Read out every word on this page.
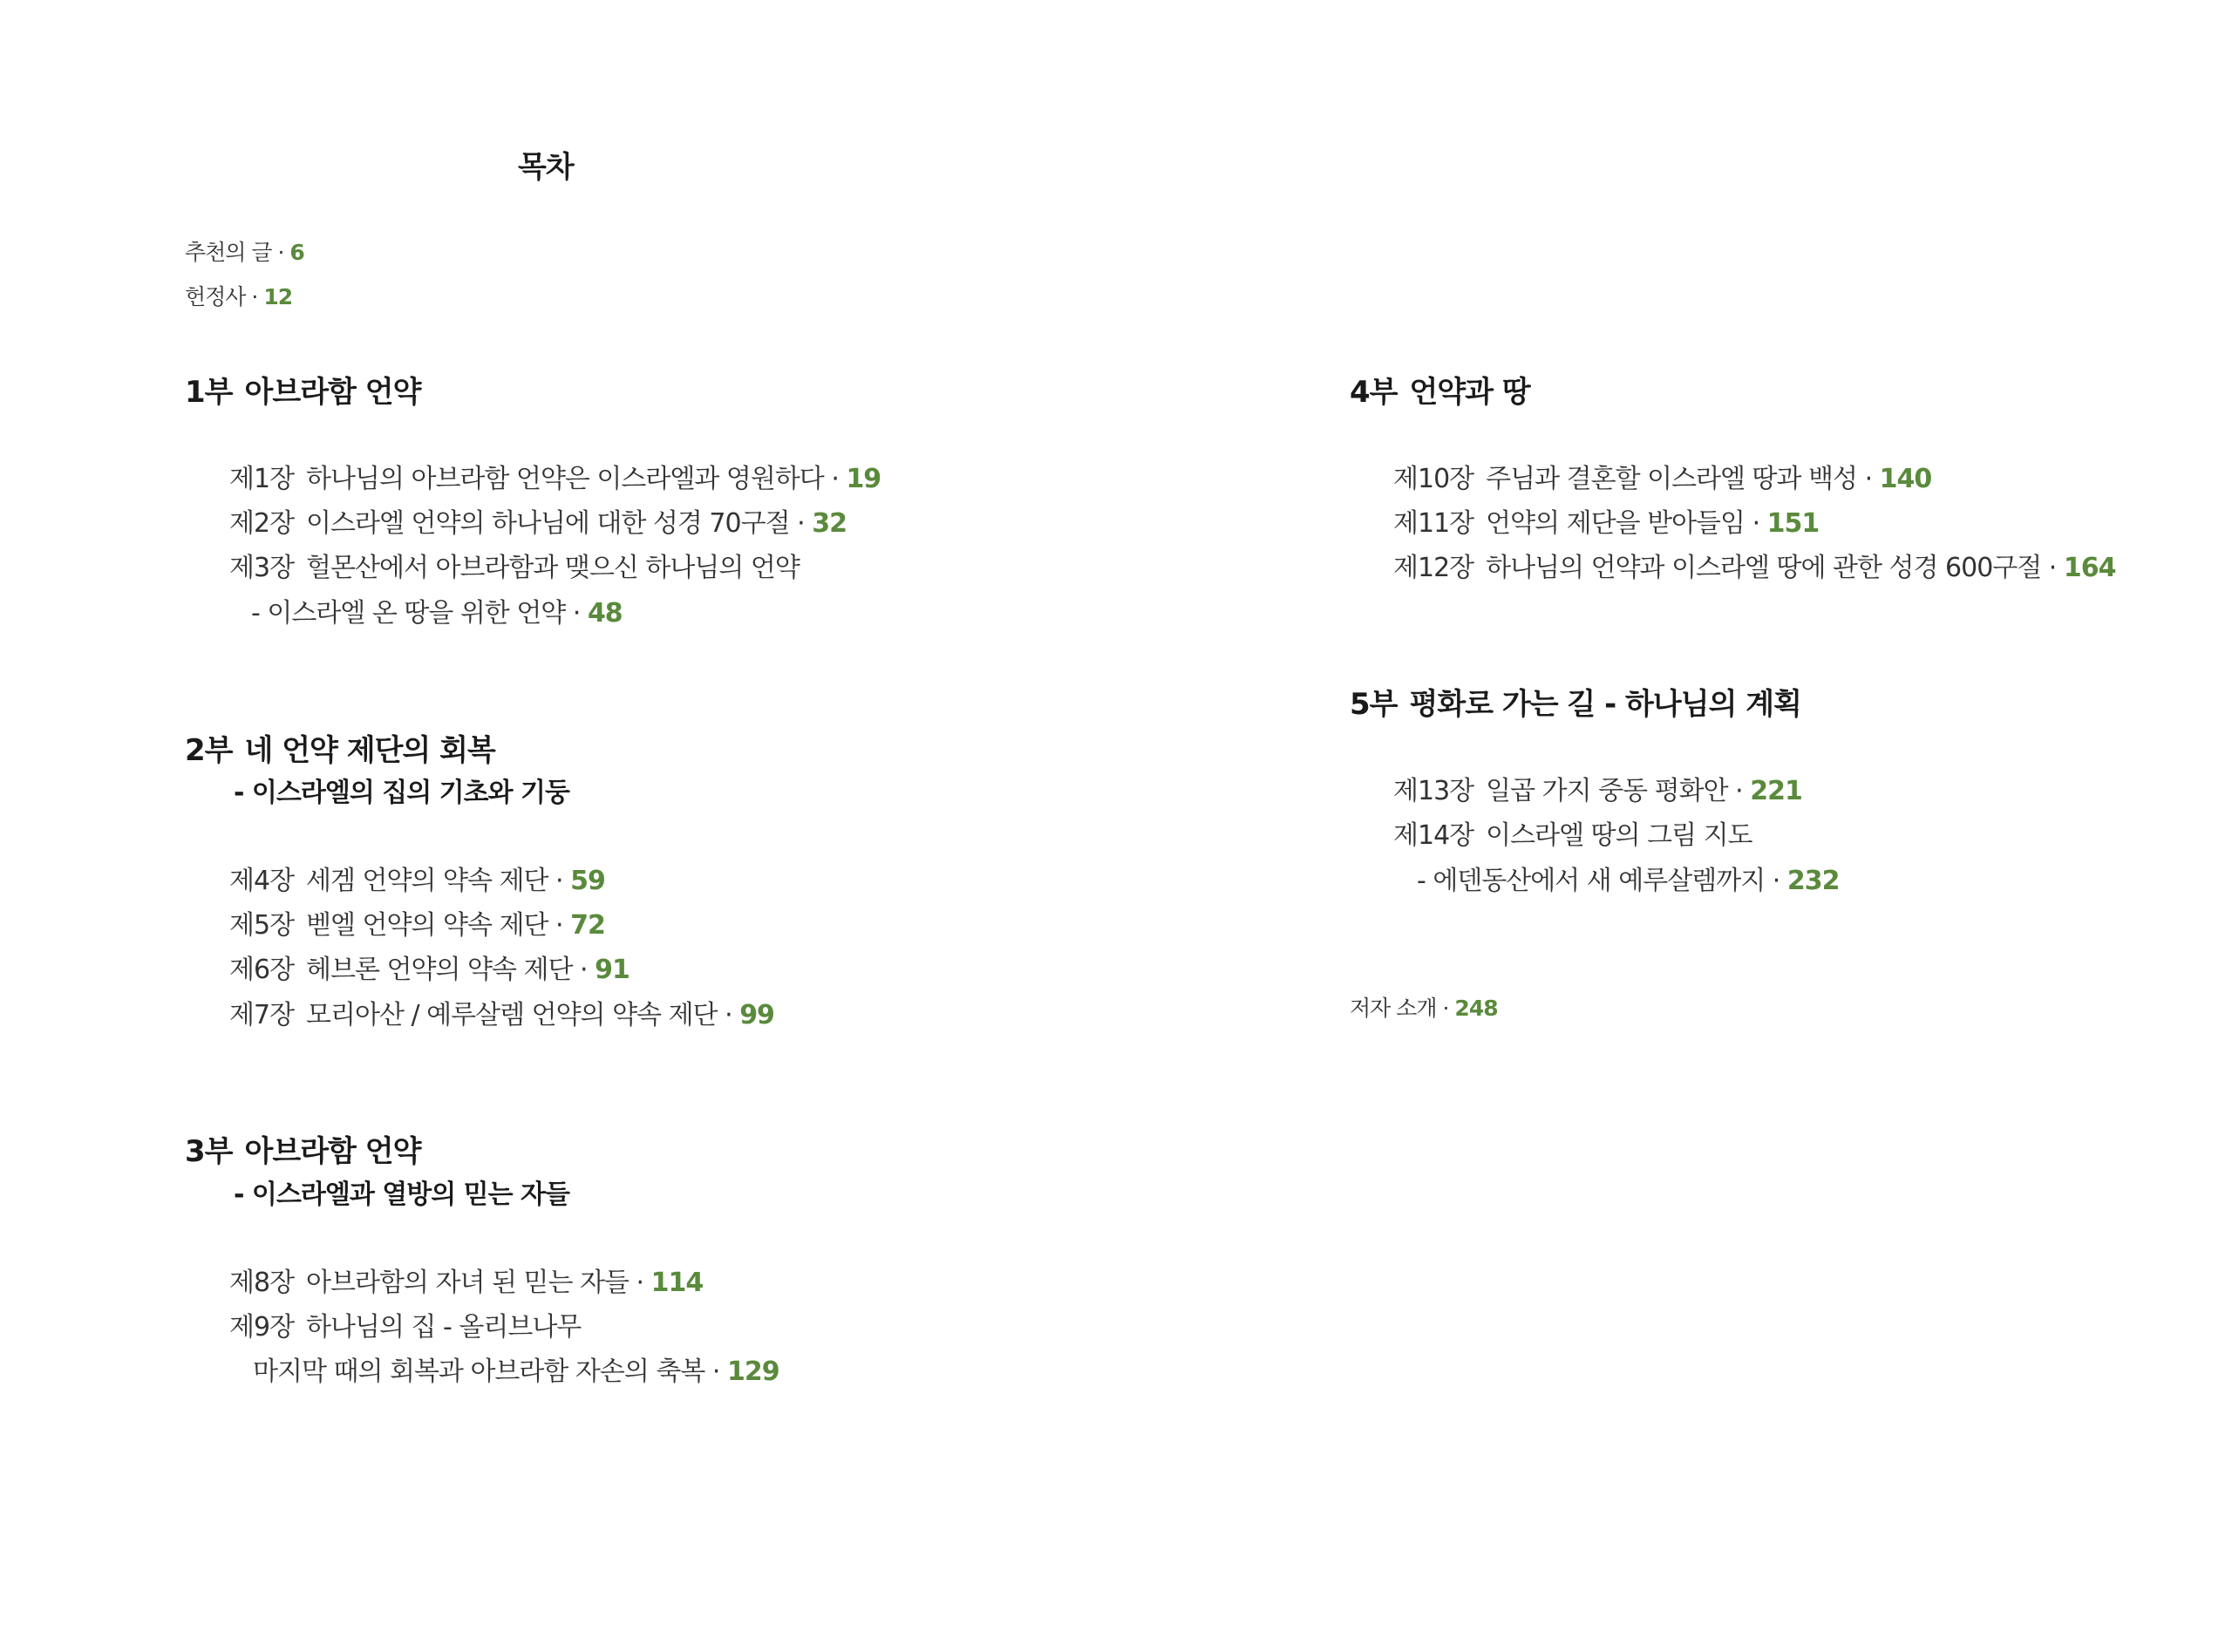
목차
추천의 글 · 6
헌정사 · 12
1부 아브라함 언약
제1장 하나님의 아브라함 언약은 이스라엘과 영원하다 · 19
제2장 이스라엘 언약의 하나님에 대한 성경 70구절 · 32
제3장 헐몬산에서 아브라함과 맺으신 하나님의 언약
- 이스라엘 온 땅을 위한 언약 · 48
2부 네 언약 제단의 회복
- 이스라엘의 집의 기초와 기둥
제4장 세겜 언약의 약속 제단 · 59
제5장 벧엘 언약의 약속 제단 · 72
제6장 헤브론 언약의 약속 제단 · 91
제7장 모리아산 / 예루살렘 언약의 약속 제단 · 99
3부 아브라함 언약
- 이스라엘과 열방의 믿는 자들
제8장 아브라함의 자녀 된 믿는 자들 · 114
제9장 하나님의 집 - 올리브나무
마지막 때의 회복과 아브라함 자손의 축복 · 129
4부 언약과 땅
제10장 주님과 결혼할 이스라엘 땅과 백성 · 140
제11장 언약의 제단을 받아들임 · 151
제12장 하나님의 언약과 이스라엘 땅에 관한 성경 600구절 · 164
5부 평화로 가는 길 - 하나님의 계획
제13장 일곱 가지 중동 평화안 · 221
제14장 이스라엘 땅의 그림 지도
- 에덴동산에서 새 예루살렘까지 · 232
저자 소개 · 248
